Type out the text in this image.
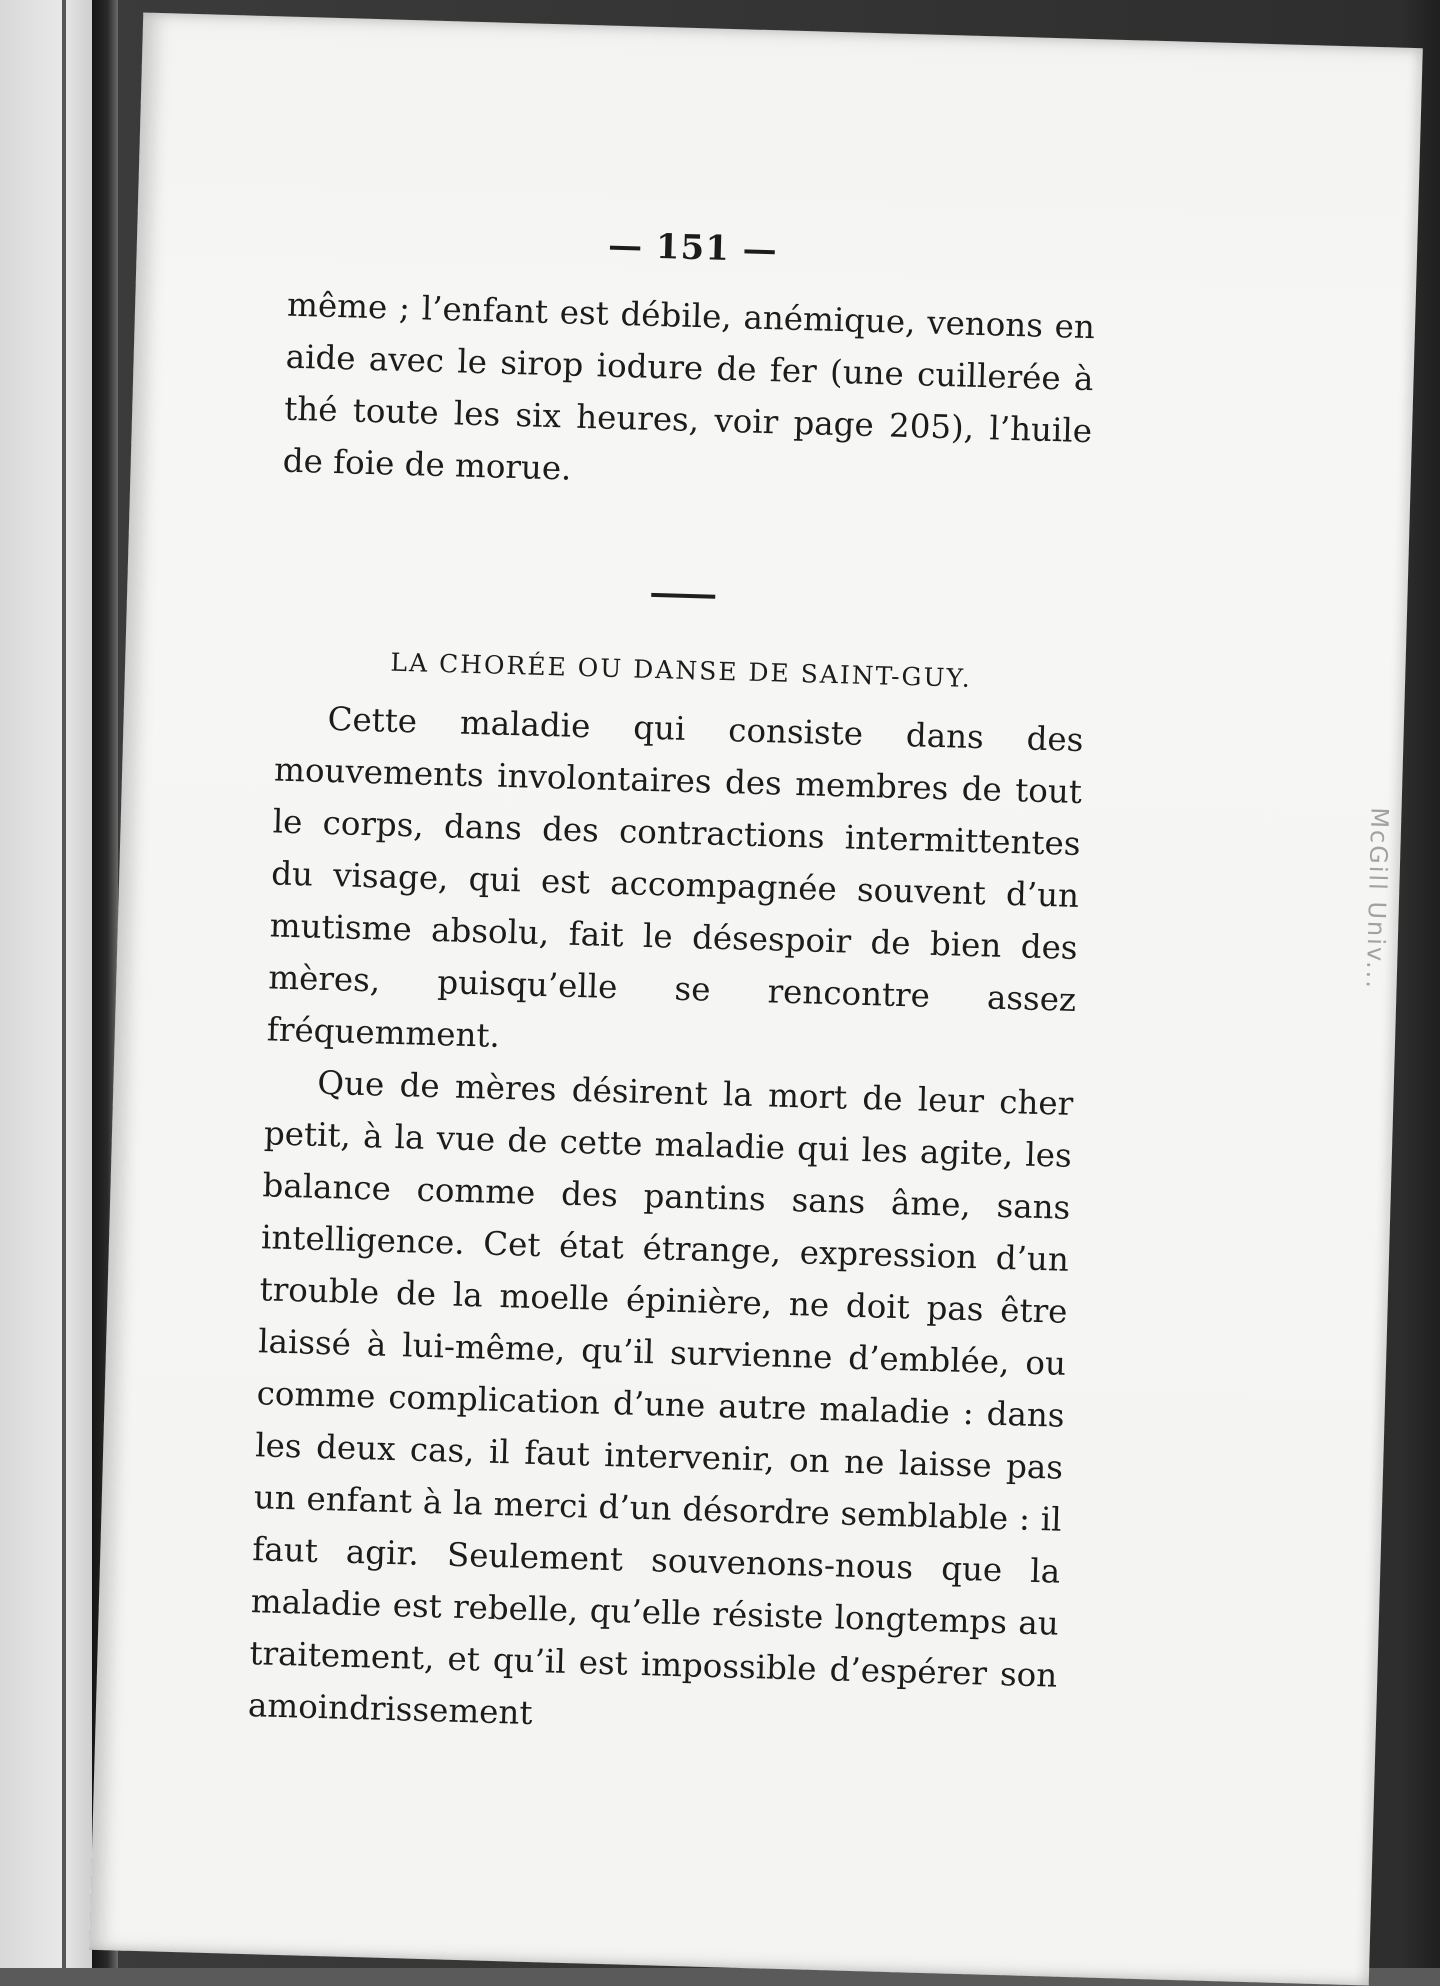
McGill Univ...
— 151 —

même ; l’enfant est débile, anémique, venons en aide avec le sirop iodure de fer (une cuillerée à thé toute les six heures, voir page 205), l’huile de foie de morue.

LA CHORÉE OU DANSE DE SAINT-GUY.

Cette maladie qui consiste dans des mouvements involontaires des membres de tout le corps, dans des contractions intermittentes du visage, qui est accompagnée souvent d’un mutisme absolu, fait le désespoir de bien des mères, puisqu’elle se rencontre assez fréquemment.

Que de mères désirent la mort de leur cher petit, à la vue de cette maladie qui les agite, les balance comme des pantins sans âme, sans intelligence. Cet état étrange, expression d’un trouble de la moelle épinière, ne doit pas être laissé à lui-même, qu’il survienne d’emblée, ou comme complication d’une autre maladie : dans les deux cas, il faut intervenir, on ne laisse pas un enfant à la merci d’un désordre semblable : il faut agir. Seulement souvenons-nous que la maladie est rebelle, qu’elle résiste longtemps au traitement, et qu’il est impossible d’espérer son amoindrissement
